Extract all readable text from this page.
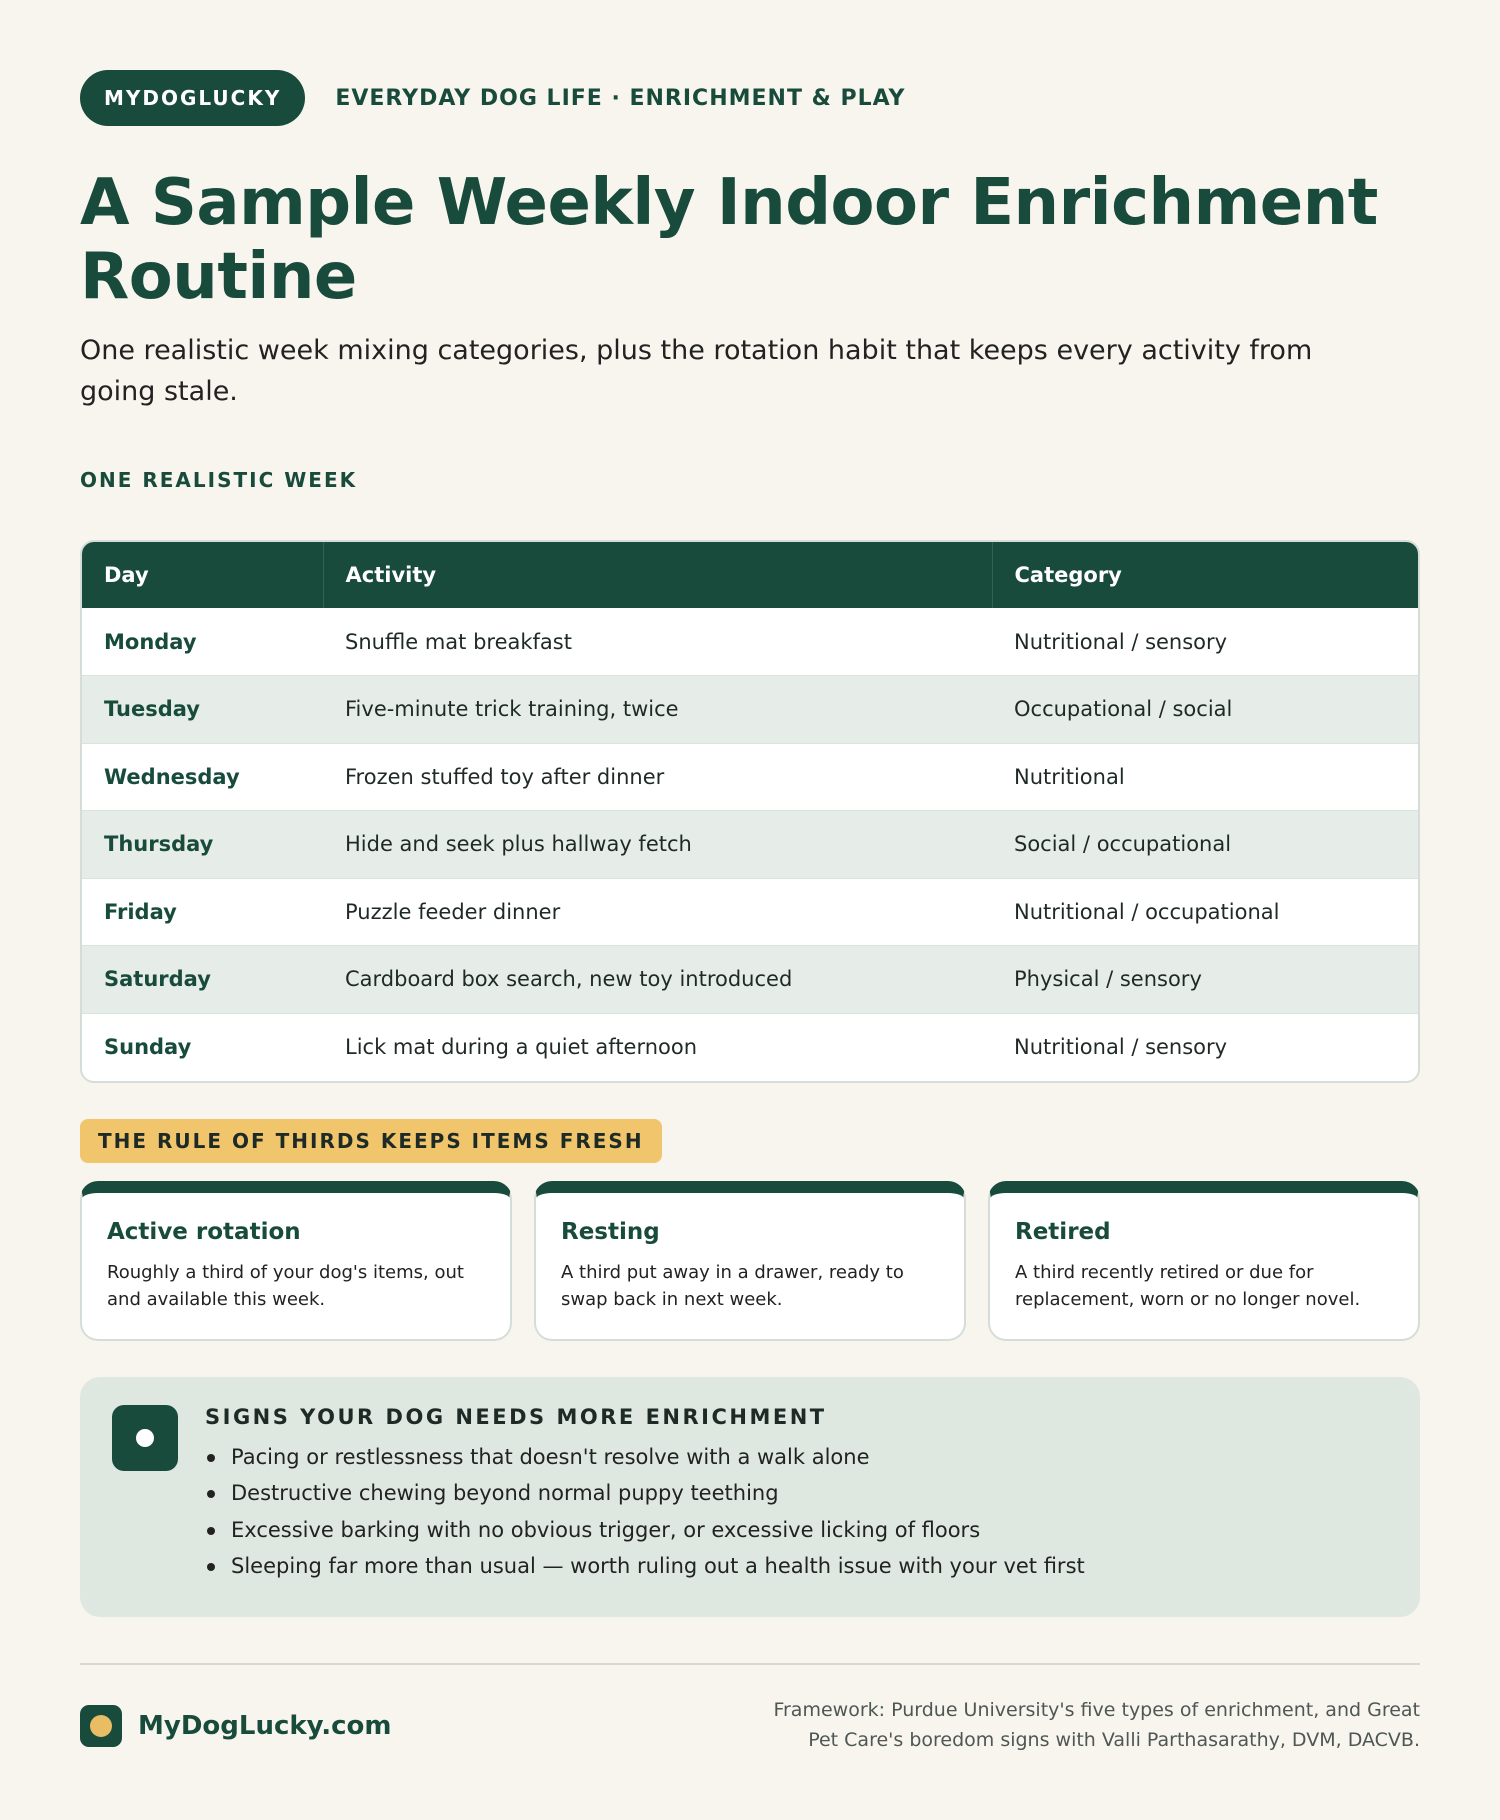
MYDOGLUCKY	EVERYDAY DOG LIFE · ENRICHMENT & PLAY
A Sample Weekly Indoor Enrichment Routine

One realistic week mixing categories, plus the rotation habit that keeps every activity from going stale.

ONE REALISTIC WEEK
Day	Activity	Category
Monday	Snuffle mat breakfast	Nutritional / sensory
Tuesday	Five-minute trick training, twice	Occupational / social
Wednesday	Frozen stuffed toy after dinner	Nutritional
Thursday	Hide and seek plus hallway fetch	Social / occupational
Friday	Puzzle feeder dinner	Nutritional / occupational
Saturday	Cardboard box search, new toy introduced	Physical / sensory
Sunday	Lick mat during a quiet afternoon	Nutritional / sensory
THE RULE OF THIRDS KEEPS ITEMS FRESH
Active rotation
Roughly a third of your dog's items, out and available this week.
Resting
A third put away in a drawer, ready to swap back in next week.
Retired
A third recently retired or due for replacement, worn or no longer novel.
SIGNS YOUR DOG NEEDS MORE ENRICHMENT
Pacing or restlessness that doesn't resolve with a walk alone
Destructive chewing beyond normal puppy teething
Excessive barking with no obvious trigger, or excessive licking of floors
Sleeping far more than usual — worth ruling out a health issue with your vet first
MyDogLucky.com
Framework: Purdue University's five types of enrichment, and Great Pet Care's boredom signs with Valli Parthasarathy, DVM, DACVB.
